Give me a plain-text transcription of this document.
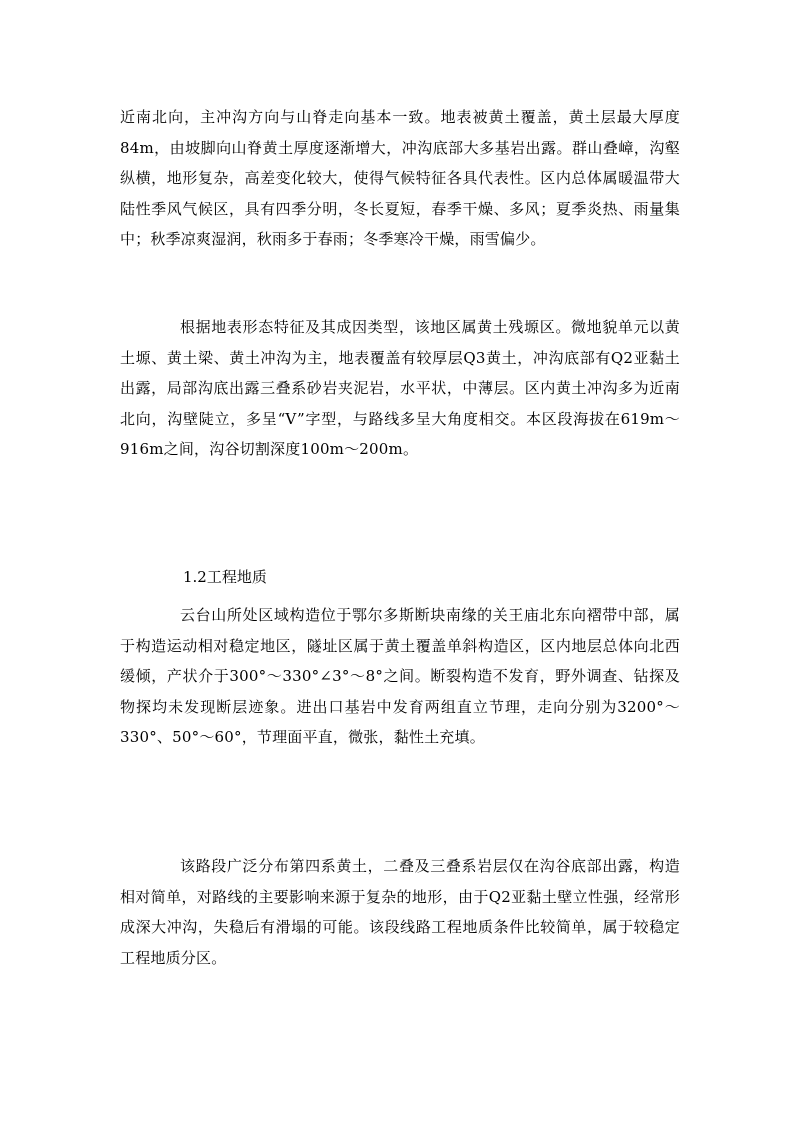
近南北向，主冲沟方向与山脊走向基本一致。地表被黄土覆盖，黄土层最大厚度84m，由坡脚向山脊黄土厚度逐渐增大，冲沟底部大多基岩出露。群山叠嶂，沟壑纵横，地形复杂，高差变化较大，使得气候特征各具代表性。区内总体属暖温带大陆性季风气候区，具有四季分明，冬长夏短，春季干燥、多风；夏季炎热、雨量集中；秋季凉爽湿润，秋雨多于春雨；冬季寒冷干燥，雨雪偏少。

根据地表形态特征及其成因类型，该地区属黄土残塬区。微地貌单元以黄土塬、黄土梁、黄土冲沟为主，地表覆盖有较厚层Q3黄土，冲沟底部有Q2亚黏土出露，局部沟底出露三叠系砂岩夹泥岩，水平状，中薄层。区内黄土冲沟多为近南北向，沟壁陡立，多呈“V”字型，与路线多呈大角度相交。本区段海拔在619m～916m之间，沟谷切割深度100m～200m。

1.2工程地质

云台山所处区域构造位于鄂尔多斯断块南缘的关王庙北东向褶带中部，属于构造运动相对稳定地区，隧址区属于黄土覆盖单斜构造区，区内地层总体向北西缓倾，产状介于300°～330°∠3°～8°之间。断裂构造不发育，野外调查、钻探及物探均未发现断层迹象。进出口基岩中发育两组直立节理，走向分别为3200°～330°、50°～60°，节理面平直，微张，黏性土充填。

该路段广泛分布第四系黄土，二叠及三叠系岩层仅在沟谷底部出露，构造相对简单，对路线的主要影响来源于复杂的地形，由于Q2亚黏土壁立性强，经常形成深大冲沟，失稳后有滑塌的可能。该段线路工程地质条件比较简单，属于较稳定工程地质分区。
